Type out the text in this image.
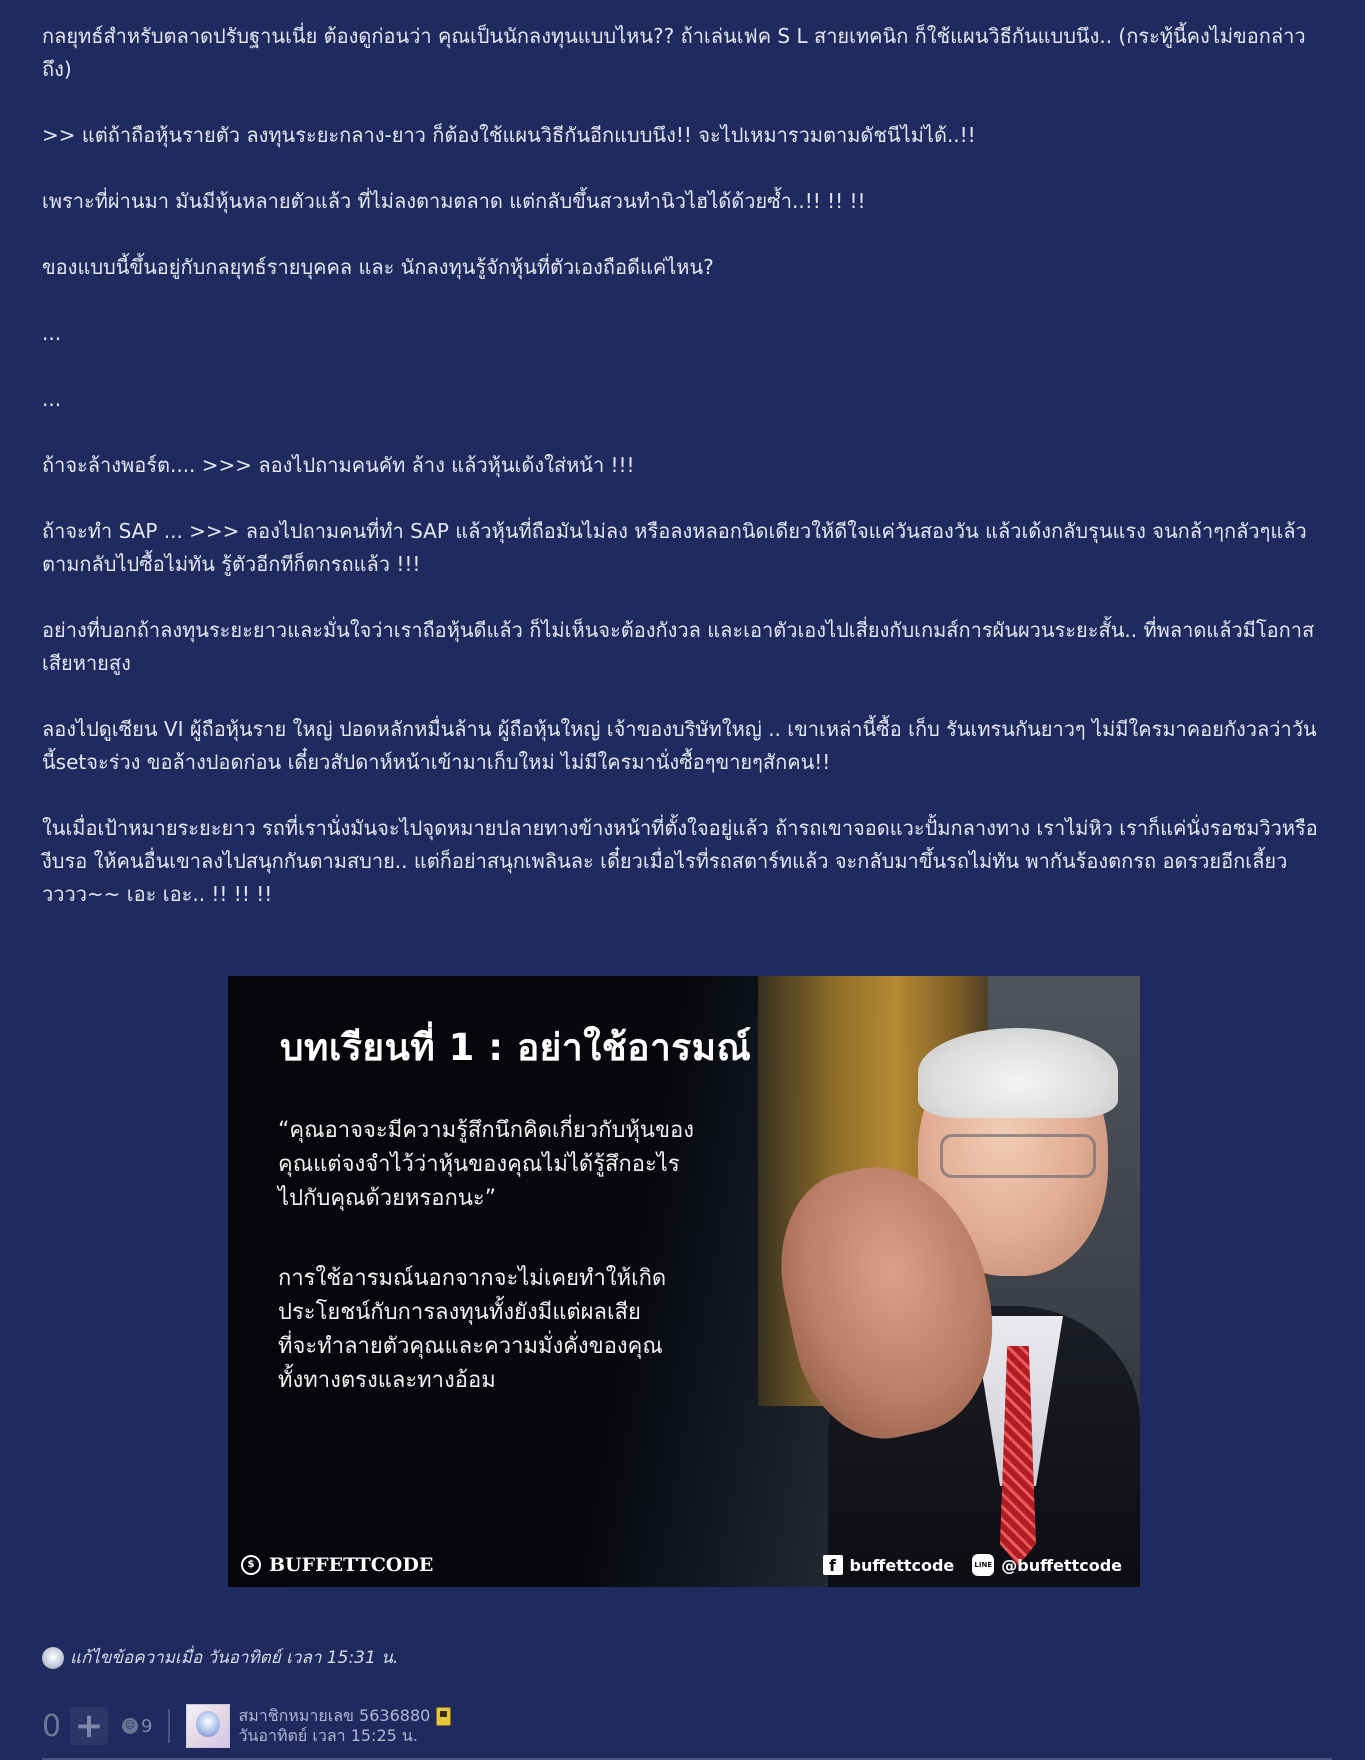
กลยุทธ์สำหรับตลาดปรับฐานเนี่ย ต้องดูก่อนว่า คุณเป็นนักลงทุนแบบไหน?? ถ้าเล่นเฟค S L สายเทคนิก ก็ใช้แผนวิธีกันแบบนึง.. (กระทู้นี้คงไม่ขอกล่าวถึง)

>> แต่ถ้าถือหุ้นรายตัว ลงทุนระยะกลาง-ยาว ก็ต้องใช้แผนวิธีกันอีกแบบนึง!! จะไปเหมารวมตามดัชนีไม่ได้..!!

เพราะที่ผ่านมา มันมีหุ้นหลายตัวแล้ว ที่ไม่ลงตามตลาด แต่กลับขึ้นสวนทำนิวไฮได้ด้วยซ้ำ..!! !! !!

ของแบบนี้ขึ้นอยู่กับกลยุทธ์รายบุคคล และ นักลงทุนรู้จักหุ้นที่ตัวเองถือดีแค่ไหน?

...

...

ถ้าจะล้างพอร์ต.... >>> ลองไปถามคนคัท ล้าง แล้วหุ้นเด้งใส่หน้า !!!

ถ้าจะทำ SAP ... >>> ลองไปถามคนที่ทำ SAP แล้วหุ้นที่ถือมันไม่ลง หรือลงหลอกนิดเดียวให้ดีใจแค่วันสองวัน แล้วเด้งกลับรุนแรง จนกล้าๆกลัวๆแล้วตามกลับไปซื้อไม่ทัน รู้ตัวอีกทีก็ตกรถแล้ว !!!

อย่างที่บอกถ้าลงทุนระยะยาวและมั่นใจว่าเราถือหุ้นดีแล้ว ก็ไม่เห็นจะต้องกังวล และเอาตัวเองไปเสี่ยงกับเกมส์การผันผวนระยะสั้น.. ที่พลาดแล้วมีโอกาสเสียหายสูง

ลองไปดูเซียน VI ผู้ถือหุ้นราย ใหญ่ ปอดหลักหมื่นล้าน ผู้ถือหุ้นใหญ่ เจ้าของบริษัทใหญ่ .. เขาเหล่านี้ซื้อ เก็บ รันเทรนกันยาวๆ ไม่มีใครมาคอยกังวลว่าวันนี้setจะร่วง ขอล้างปอดก่อน เดี๋ยวสัปดาห์หน้าเข้ามาเก็บใหม่ ไม่มีใครมานั่งซื้อๆขายๆสักคน!!

ในเมื่อเป้าหมายระยะยาว รถที่เรานั่งมันจะไปจุดหมายปลายทางข้างหน้าที่ตั้งใจอยู่แล้ว ถ้ารถเขาจอดแวะปั้มกลางทาง เราไม่หิว เราก็แค่นั่งรอชมวิวหรืองีบรอ ให้คนอื่นเขาลงไปสนุกกันตามสบาย.. แต่ก็อย่าสนุกเพลินละ เดี๋ยวเมื่อไรที่รถสตาร์ทแล้ว จะกลับมาขึ้นรถไม่ทัน พากันร้องตกรถ อดรวยอีกเลี้ยววววว~~ เอะ เอะ.. !! !! !!

บทเรียนที่ 1 : อย่าใช้อารมณ์
“คุณอาจจะมีความรู้สึกนึกคิดเกี่ยวกับหุ้นของ
คุณแต่จงจำไว้ว่าหุ้นของคุณไม่ได้รู้สึกอะไร
ไปกับคุณด้วยหรอกนะ”
การใช้อารมณ์นอกจากจะไม่เคยทำให้เกิด
ประโยชน์กับการลงทุนทั้งยังมีแต่ผลเสีย
ที่จะทำลายตัวคุณและความมั่งคั่งของคุณ
ทั้งทางตรงและทางอ้อม
$ BUFFETTCODE	f buffettcode	LINE @buffettcode
แก้ไขข้อความเมื่อ วันอาทิตย์ เวลา 15:31 น.
0 +	☺ 9	สมาชิกหมายเลข 5636880
วันอาทิตย์ เวลา 15:25 น.
